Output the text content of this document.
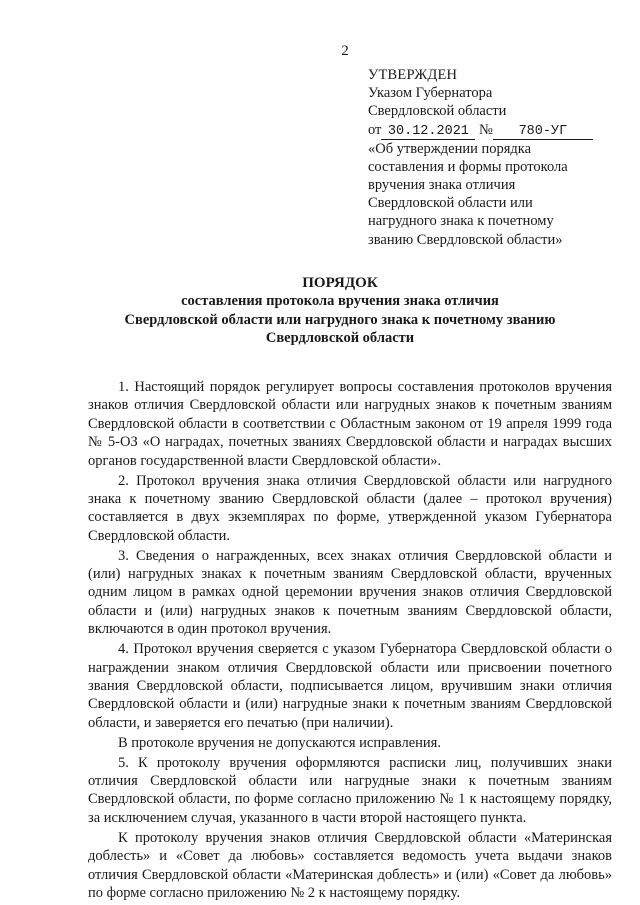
2
УТВЕРЖДЕН
Указом Губернатора
Свердловской области
от 30.12.2021 № 780-УГ
«Об утверждении порядка
составления и формы протокола
вручения знака отличия
Свердловской области или
нагрудного знака к почетному
званию Свердловской области»
ПОРЯДОК
составления протокола вручения знака отличия
Свердловской области или нагрудного знака к почетному званию
Свердловской области

1. Настоящий порядок регулирует вопросы составления протоколов вручения знаков отличия Свердловской области или нагрудных знаков к почетным званиям Свердловской области в соответствии с Областным законом от 19 апреля 1999 года № 5-ОЗ «О наградах, почетных званиях Свердловской области и наградах высших органов государственной власти Свердловской области».

2. Протокол вручения знака отличия Свердловской области или нагрудного знака к почетному званию Свердловской области (далее – протокол вручения) составляется в двух экземплярах по форме, утвержденной указом Губернатора Свердловской области.

3. Сведения о награжденных, всех знаках отличия Свердловской области и (или) нагрудных знаках к почетным званиям Свердловской области, врученных одним лицом в рамках одной церемонии вручения знаков отличия Свердловской области и (или) нагрудных знаков к почетным званиям Свердловской области, включаются в один протокол вручения.

4. Протокол вручения сверяется с указом Губернатора Свердловской области о награждении знаком отличия Свердловской области или присвоении почетного звания Свердловской области, подписывается лицом, вручившим знаки отличия Свердловской области и (или) нагрудные знаки к почетным званиям Свердловской области, и заверяется его печатью (при наличии).

В протоколе вручения не допускаются исправления.

5. К протоколу вручения оформляются расписки лиц, получивших знаки отличия Свердловской области или нагрудные знаки к почетным званиям Свердловской области, по форме согласно приложению № 1 к настоящему порядку, за исключением случая, указанного в части второй настоящего пункта.

К протоколу вручения знаков отличия Свердловской области «Материнская доблесть» и «Совет да любовь» составляется ведомость учета выдачи знаков отличия Свердловской области «Материнская доблесть» и (или) «Совет да любовь» по форме согласно приложению № 2 к настоящему порядку.
